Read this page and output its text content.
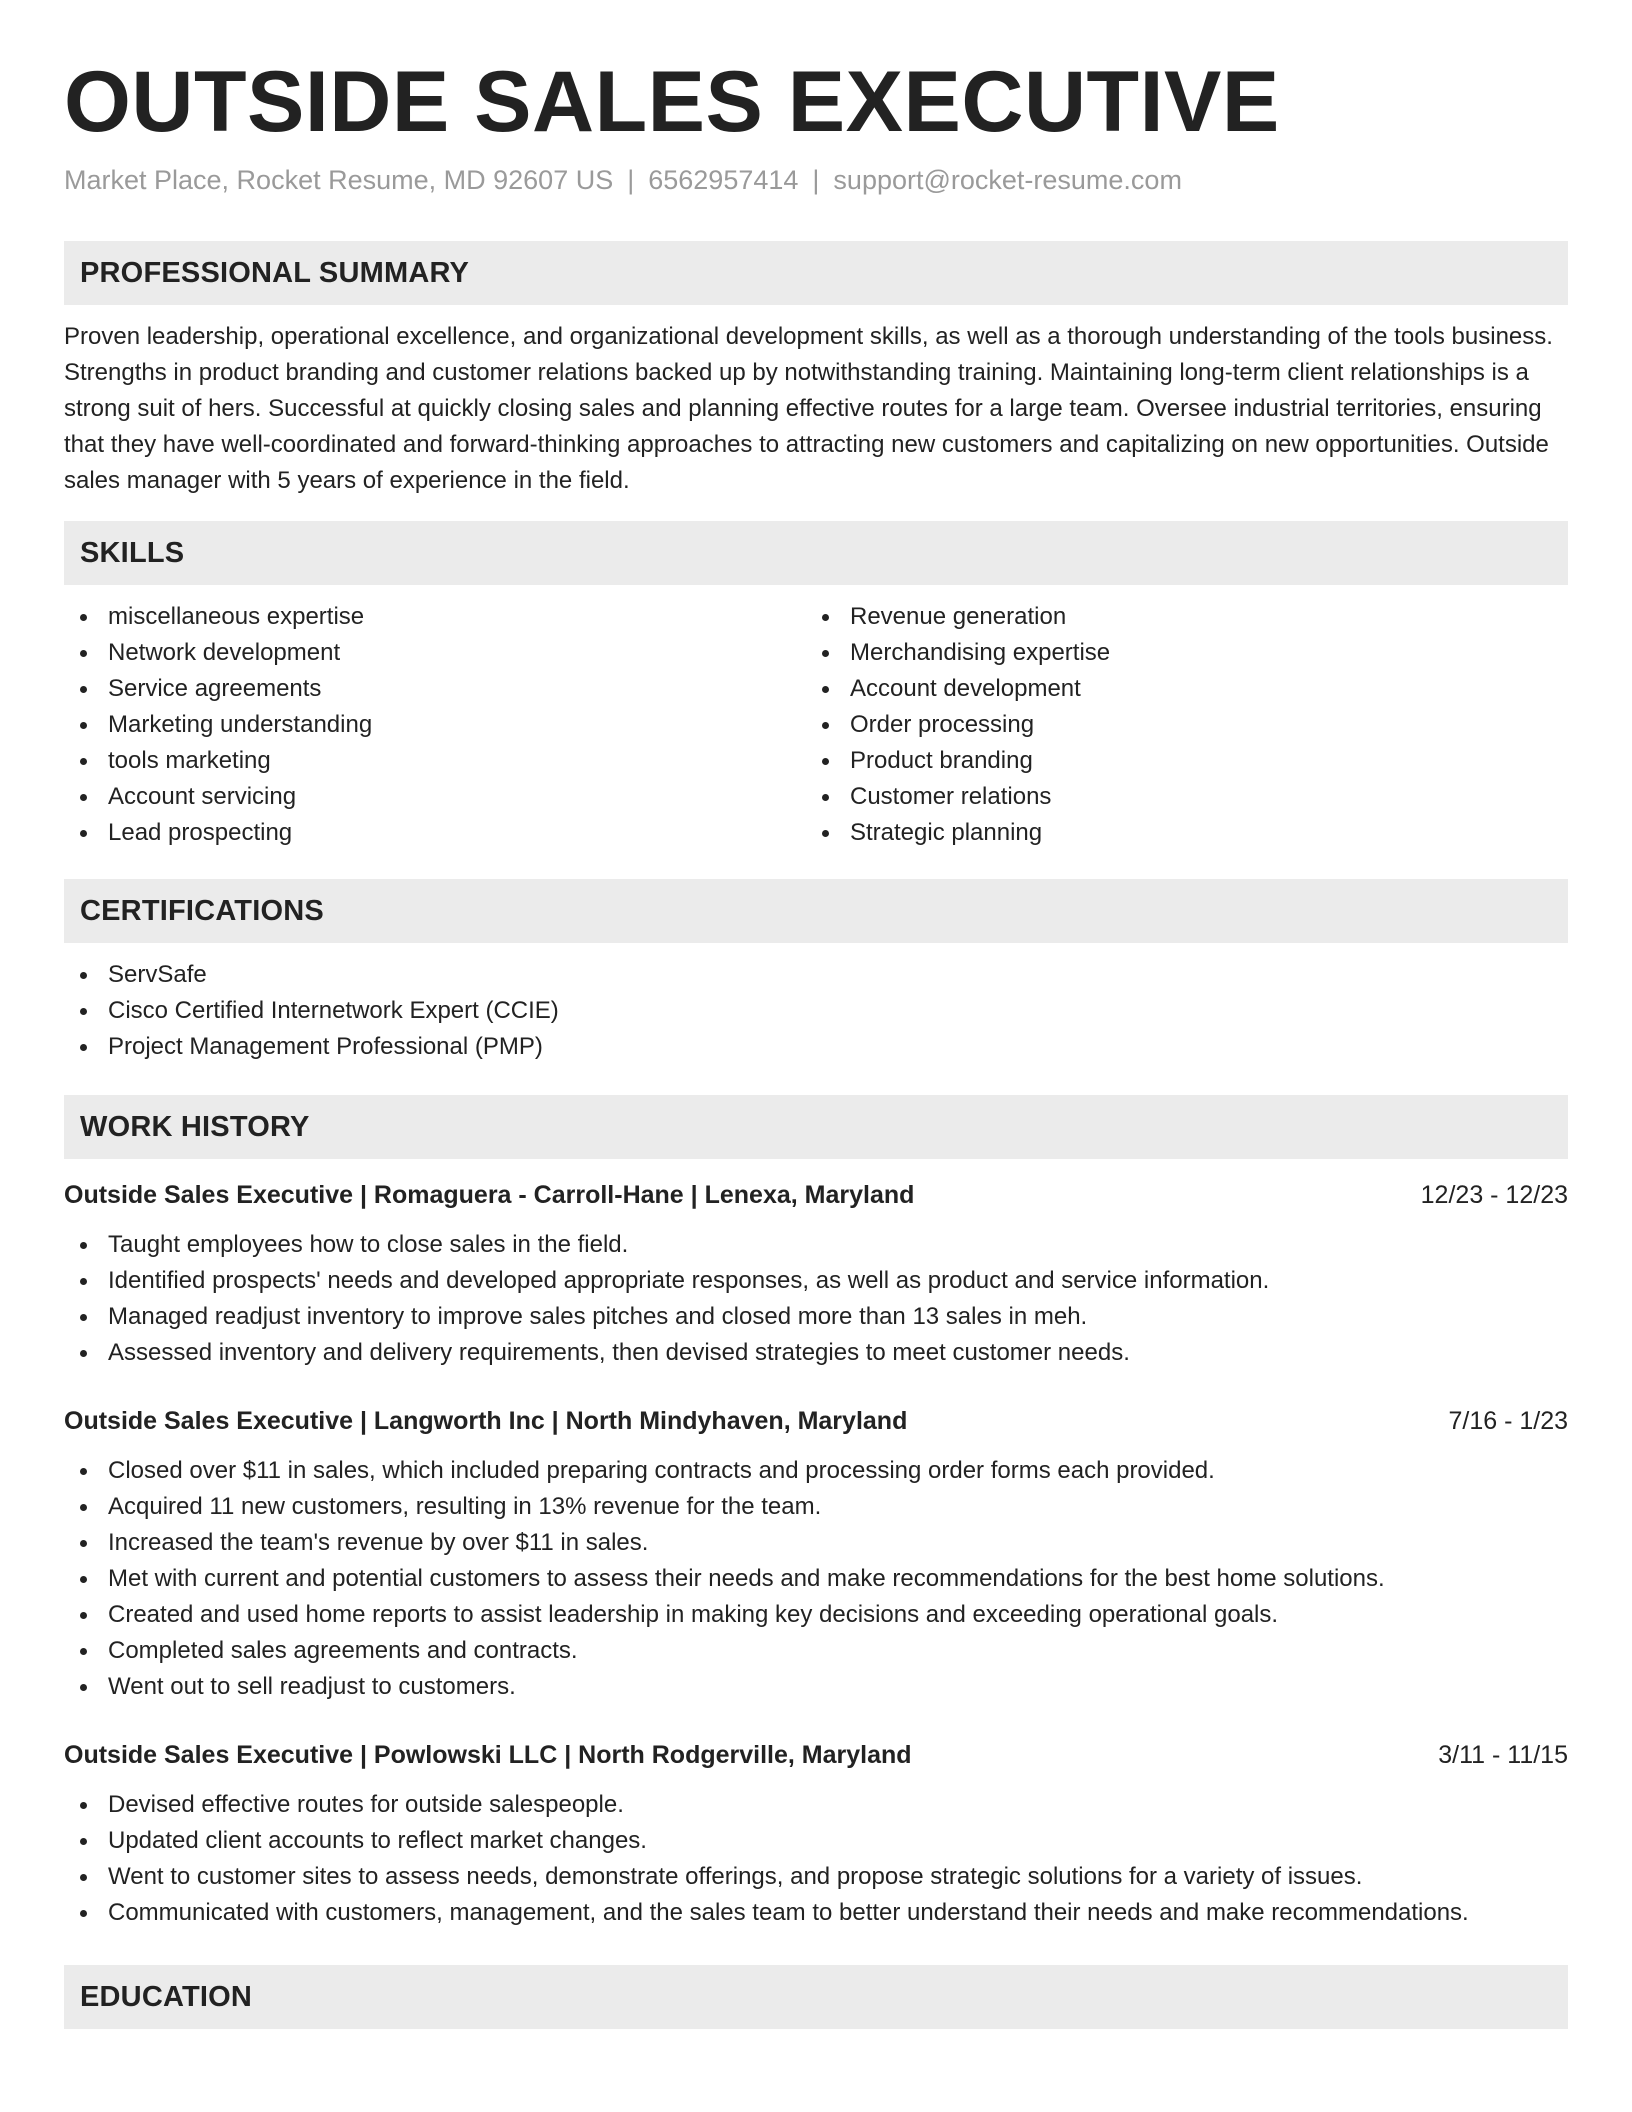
OUTSIDE SALES EXECUTIVE
Market Place, Rocket Resume, MD 92607 US | 6562957414 | support@rocket-resume.com
PROFESSIONAL SUMMARY

Proven leadership, operational excellence, and organizational development skills, as well as a thorough understanding of the tools business. Strengths in product branding and customer relations backed up by notwithstanding training. Maintaining long-term client relationships is a strong suit of hers. Successful at quickly closing sales and planning effective routes for a large team. Oversee industrial territories, ensuring that they have well-coordinated and forward-thinking approaches to attracting new customers and capitalizing on new opportunities. Outside sales manager with 5 years of experience in the field.

SKILLS
miscellaneous expertise
Network development
Service agreements
Marketing understanding
tools marketing
Account servicing
Lead prospecting
Revenue generation
Merchandising expertise
Account development
Order processing
Product branding
Customer relations
Strategic planning
CERTIFICATIONS
ServSafe
Cisco Certified Internetwork Expert (CCIE)
Project Management Professional (PMP)
WORK HISTORY
Outside Sales Executive | Romaguera - Carroll-Hane | Lenexa, Maryland	12/23 - 12/23
Taught employees how to close sales in the field.
Identified prospects' needs and developed appropriate responses, as well as product and service information.
Managed readjust inventory to improve sales pitches and closed more than 13 sales in meh.
Assessed inventory and delivery requirements, then devised strategies to meet customer needs.
Outside Sales Executive | Langworth Inc | North Mindyhaven, Maryland	7/16 - 1/23
Closed over $11 in sales, which included preparing contracts and processing order forms each provided.
Acquired 11 new customers, resulting in 13% revenue for the team.
Increased the team's revenue by over $11 in sales.
Met with current and potential customers to assess their needs and make recommendations for the best home solutions.
Created and used home reports to assist leadership in making key decisions and exceeding operational goals.
Completed sales agreements and contracts.
Went out to sell readjust to customers.
Outside Sales Executive | Powlowski LLC | North Rodgerville, Maryland	3/11 - 11/15
Devised effective routes for outside salespeople.
Updated client accounts to reflect market changes.
Went to customer sites to assess needs, demonstrate offerings, and propose strategic solutions for a variety of issues.
Communicated with customers, management, and the sales team to better understand their needs and make recommendations.
EDUCATION
